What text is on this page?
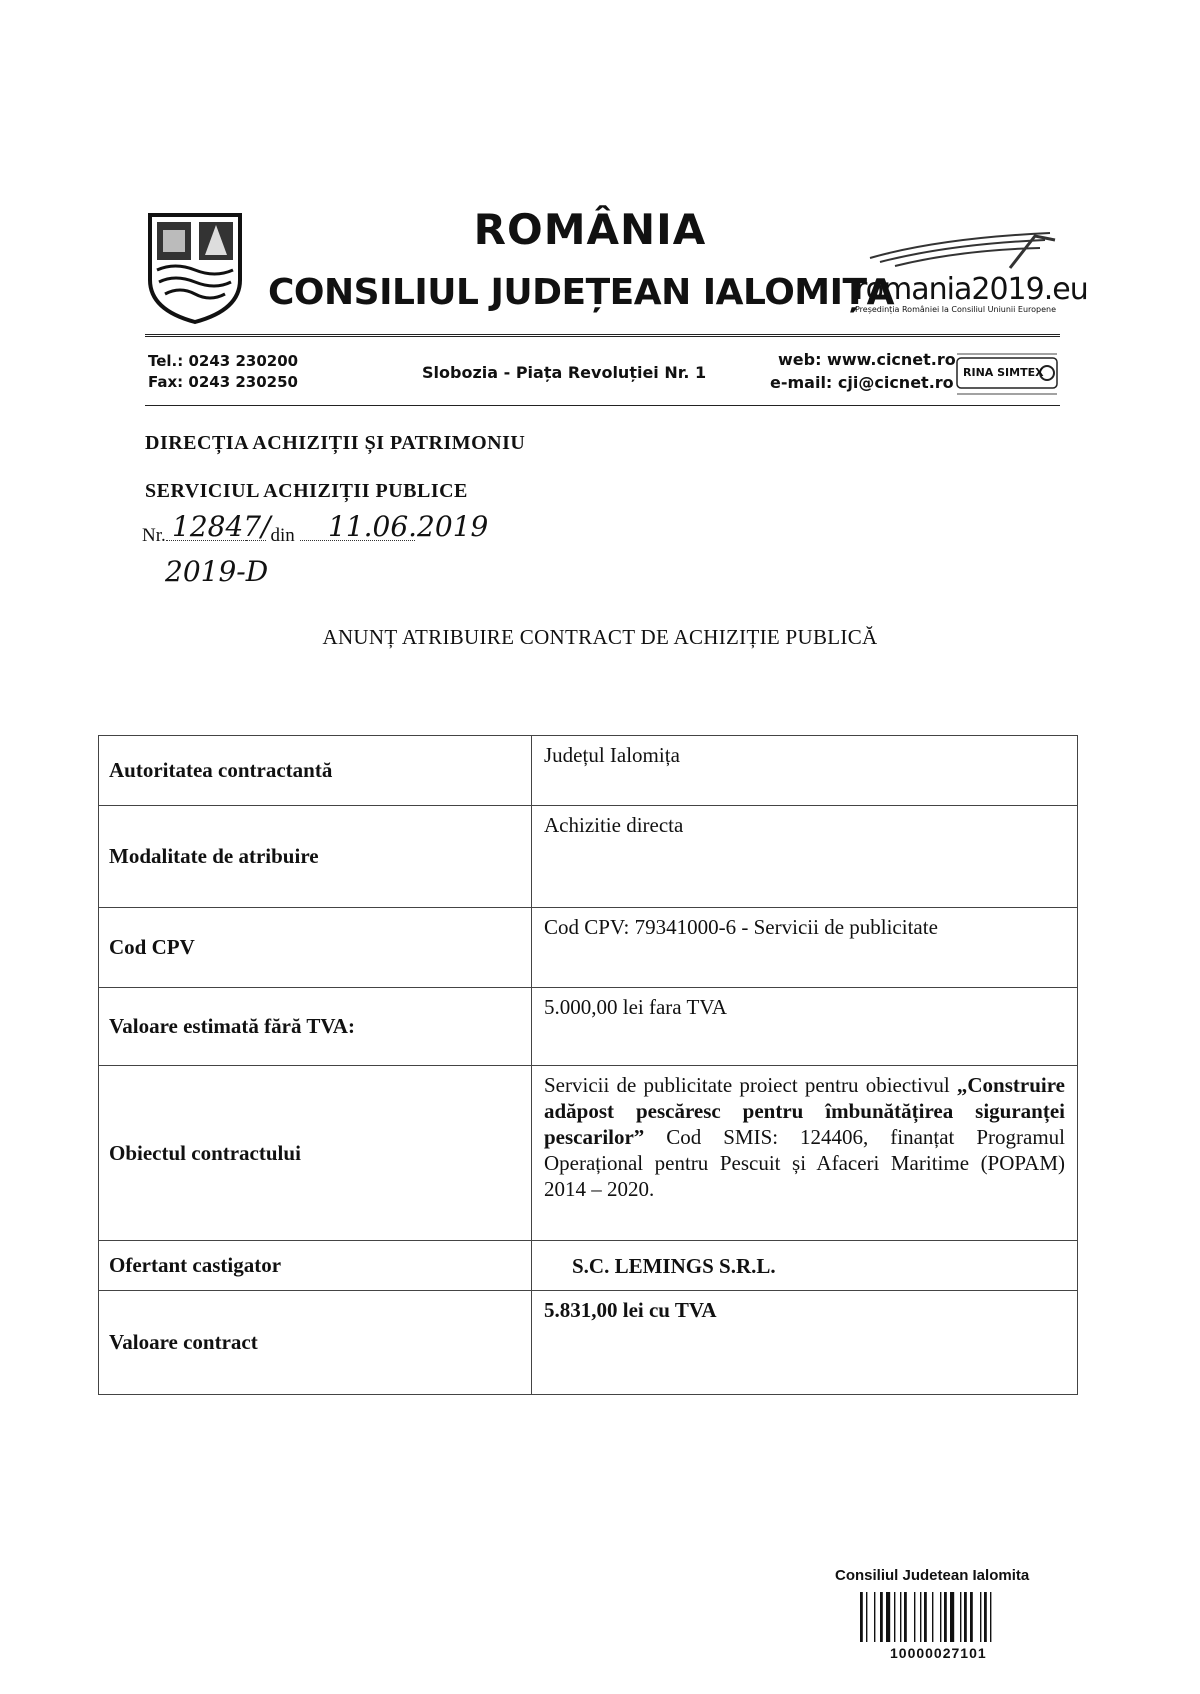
ROMÂNIA
CONSILIUL JUDEȚEAN IALOMIȚA
romania2019.eu
Președinția României la Consiliul Uniunii Europene
Tel.: 0243 230200
Fax: 0243 230250	Slobozia - Piața Revoluției Nr. 1
web: www.cicnet.ro
e-mail: cji@cicnet.ro
RINA SIMTEX
DIRECȚIA ACHIZIȚII ȘI PATRIMONIU
SERVICIUL ACHIZIȚII PUBLICE
Nr.	din
12847/ 11.06.2019
2019-D
ANUNȚ ATRIBUIRE CONTRACT DE ACHIZIȚIE PUBLICĂ
Autoritatea contractantă	Județul Ialomița
Modalitate de atribuire	Achizitie directa
Cod CPV	Cod CPV: 79341000-6 - Servicii de publicitate
Valoare estimată fără TVA:	5.000,00 lei fara TVA
Obiectul contractului	Servicii de publicitate proiect pentru obiectivul „Construire adăpost pescăresc pentru îmbunătățirea siguranței pescarilor” Cod SMIS: 124406, finanțat Programul Operațional pentru Pescuit și Afaceri Maritime (POPAM) 2014 – 2020.
Ofertant castigator	S.C. LEMINGS S.R.L.
Valoare contract	5.831,00 lei cu TVA
Consiliul Judetean Ialomita
10000027101
